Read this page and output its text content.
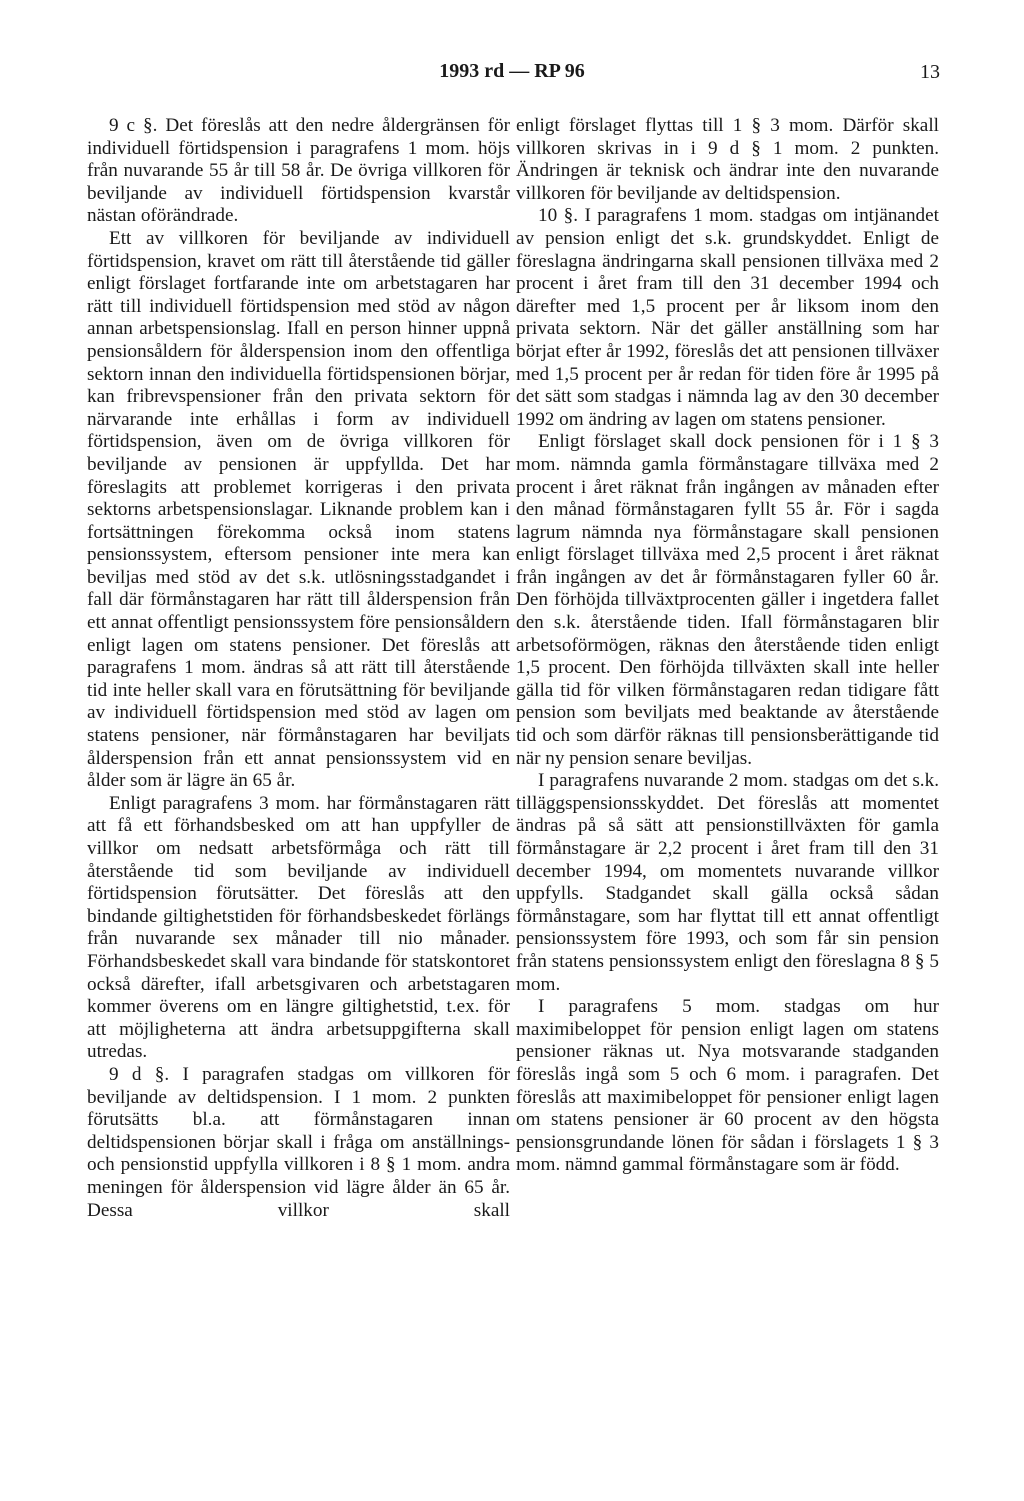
1993 rd — RP 96	13

9 c §. Det föreslås att den nedre åldergränsen för individuell förtidspension i paragrafens 1 mom. höjs från nuvarande 55 år till 58 år. De övriga villkoren för beviljande av individuell förtidspension kvarstår nästan oförändrade.

Ett av villkoren för beviljande av individuell förtidspension, kravet om rätt till återstående tid gäller enligt förslaget fortfarande inte om arbetstagaren har rätt till individuell förtidspension med stöd av någon annan arbetspensionslag. Ifall en person hinner uppnå pensionsåldern för ålderspension inom den offentliga sektorn innan den individuella förtidspensionen börjar, kan fribrevspensioner från den privata sektorn för närvarande inte erhållas i form av individuell förtidspension, även om de övriga villkoren för beviljande av pensionen är uppfyllda. Det har föreslagits att problemet korrigeras i den privata sektorns arbetspensionslagar. Liknande problem kan i fortsättningen förekomma också inom statens pensionssystem, eftersom pensioner inte mera kan beviljas med stöd av det s.k. utlösningsstadgandet i fall där förmånstagaren har rätt till ålderspension från ett annat offentligt pensionssystem före pensionsåldern enligt lagen om statens pensioner. Det föreslås att paragrafens 1 mom. ändras så att rätt till återstående tid inte heller skall vara en förutsättning för beviljande av individuell förtidspension med stöd av lagen om statens pensioner, när förmånstagaren har beviljats ålderspension från ett annat pensionssystem vid en ålder som är lägre än 65 år.

Enligt paragrafens 3 mom. har förmånstagaren rätt att få ett förhandsbesked om att han uppfyller de villkor om nedsatt arbetsförmåga och rätt till återstående tid som beviljande av individuell förtidspension förutsätter. Det föreslås att den bindande giltighetstiden för förhandsbeskedet förlängs från nuvarande sex månader till nio månader. Förhandsbeskedet skall vara bindande för statskontoret också därefter, ifall arbetsgivaren och arbetstagaren kommer överens om en längre giltighetstid, t.ex. för att möjligheterna att ändra arbetsuppgifterna skall utredas.

9 d §. I paragrafen stadgas om villkoren för beviljande av deltidspension. I 1 mom. 2 punkten förutsätts bl.a. att förmånstagaren innan deltidspensionen börjar skall i fråga om anställnings- och pensionstid uppfylla villkoren i 8 § 1 mom. andra meningen för ålderspension vid lägre ålder än 65 år. Dessa villkor skall

enligt förslaget flyttas till 1 § 3 mom. Därför skall villkoren skrivas in i 9 d § 1 mom. 2 punkten. Ändringen är teknisk och ändrar inte den nuvarande villkoren för beviljande av deltidspension.

10 §. I paragrafens 1 mom. stadgas om intjänandet av pension enligt det s.k. grundskyddet. Enligt de föreslagna ändringarna skall pensionen tillväxa med 2 procent i året fram till den 31 december 1994 och därefter med 1,5 procent per år liksom inom den privata sektorn. När det gäller anställning som har börjat efter år 1992, föreslås det att pensionen tillväxer med 1,5 procent per år redan för tiden före år 1995 på det sätt som stadgas i nämnda lag av den 30 december 1992 om ändring av lagen om statens pensioner.

Enligt förslaget skall dock pensionen för i 1 § 3 mom. nämnda gamla förmånstagare tillväxa med 2 procent i året räknat från ingången av månaden efter den månad förmånstagaren fyllt 55 år. För i sagda lagrum nämnda nya förmånstagare skall pensionen enligt förslaget tillväxa med 2,5 procent i året räknat från ingången av det år förmånstagaren fyller 60 år. Den förhöjda tillväxtprocenten gäller i ingetdera fallet den s.k. återstående tiden. Ifall förmånstagaren blir arbetsoförmögen, räknas den återstående tiden enligt 1,5 procent. Den förhöjda tillväxten skall inte heller gälla tid för vilken förmånstagaren redan tidigare fått pension som beviljats med beaktande av återstående tid och som därför räknas till pensionsberättigande tid när ny pension senare beviljas.

I paragrafens nuvarande 2 mom. stadgas om det s.k. tilläggspensionsskyddet. Det föreslås att momentet ändras på så sätt att pensionstillväxten för gamla förmånstagare är 2,2 procent i året fram till den 31 december 1994, om momentets nuvarande villkor uppfylls. Stadgandet skall gälla också sådan förmånstagare, som har flyttat till ett annat offentligt pensionssystem före 1993, och som får sin pension från statens pensionssystem enligt den föreslagna 8 § 5 mom.

I paragrafens 5 mom. stadgas om hur maximibeloppet för pension enligt lagen om statens pensioner räknas ut. Nya motsvarande stadganden föreslås ingå som 5 och 6 mom. i paragrafen. Det föreslås att maximibeloppet för pensioner enligt lagen om statens pensioner är 60 procent av den högsta pensionsgrundande lönen för sådan i förslagets 1 § 3 mom. nämnd gammal förmånstagare som är född.
